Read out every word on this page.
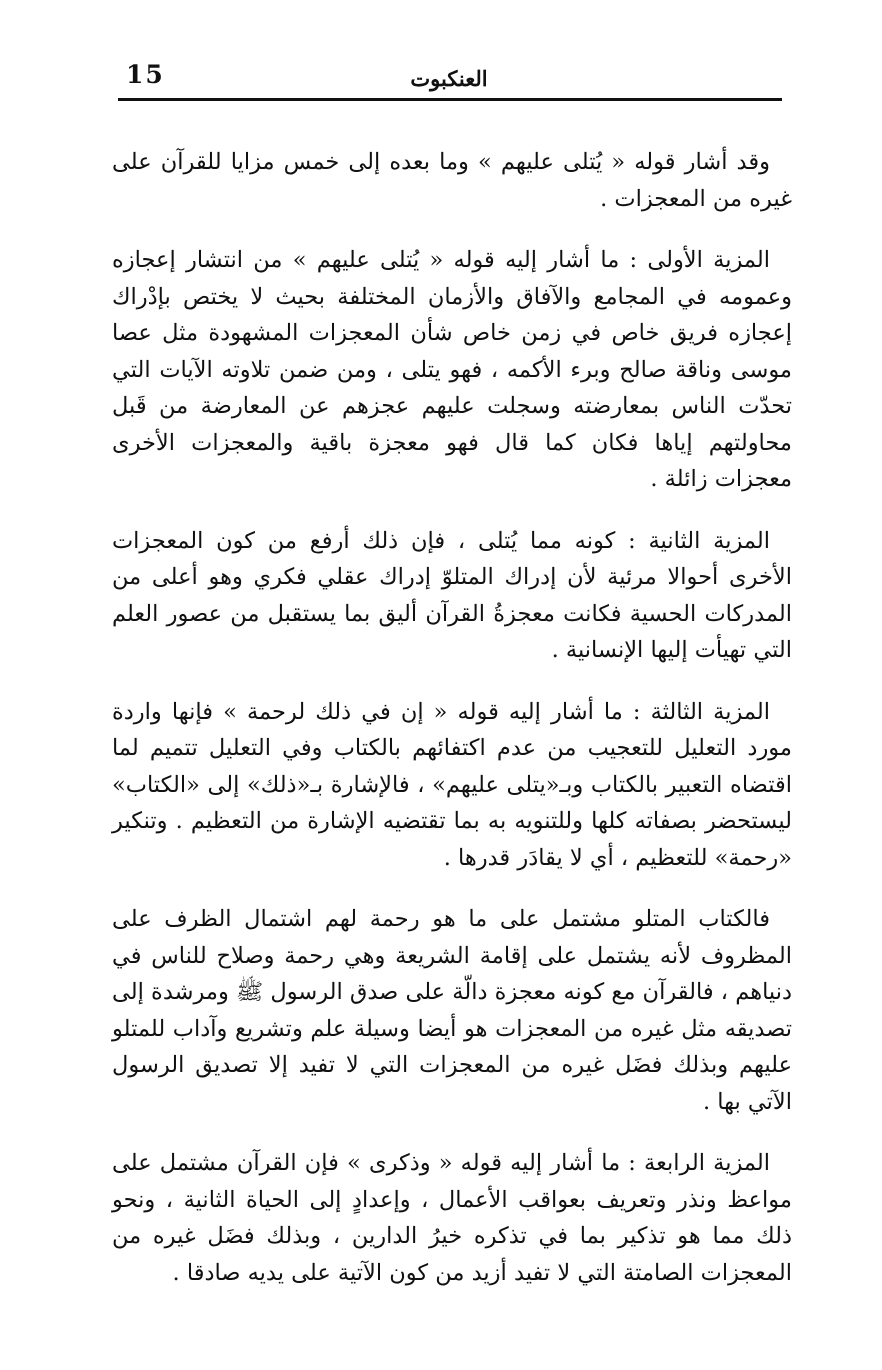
15	العنكبوت

وقد أشار قوله « يُتلى عليهم » وما بعده إلى خمس مزايا للقرآن على غيره من المعجزات .

المزية الأولى : ما أشار إليه قوله « يُتلى عليهم » من انتشار إعجازه وعمومه في المجامع والآفاق والأزمان المختلفة بحيث لا يختص بإدْراك إعجازه فريق خاص في زمن خاص شأن المعجزات المشهودة مثل عصا موسى وناقة صالح وبرء الأكمه ، فهو يتلى ، ومن ضمن تلاوته الآيات التي تحدّت الناس بمعارضته وسجلت عليهم عجزهم عن المعارضة من قَبل محاولتهم إياها فكان كما قال فهو معجزة باقية والمعجزات الأخرى معجزات زائلة .

المزية الثانية : كونه مما يُتلى ، فإن ذلك أرفع من كون المعجزات الأخرى أحوالا مرئية لأن إدراك المتلوّ إدراك عقلي فكري وهو أعلى من المدركات الحسية فكانت معجزةُ القرآن أليق بما يستقبل من عصور العلم التي تهيأت إليها الإنسانية .

المزية الثالثة : ما أشار إليه قوله « إن في ذلك لرحمة » فإنها واردة مورد التعليل للتعجيب من عدم اكتفائهم بالكتاب وفي التعليل تتميم لما اقتضاه التعبير بالكتاب وبـ«يتلى عليهم» ، فالإشارة بـ«ذلك» إلى «الكتاب» ليستحضر بصفاته كلها وللتنويه به بما تقتضيه الإشارة من التعظيم . وتنكير «رحمة» للتعظيم ، أي لا يقادَر قدرها .

فالكتاب المتلو مشتمل على ما هو رحمة لهم اشتمال الظرف على المظروف لأنه يشتمل على إقامة الشريعة وهي رحمة وصلاح للناس في دنياهم ، فالقرآن مع كونه معجزة دالّة على صدق الرسول ﷺ ومرشدة إلى تصديقه مثل غيره من المعجزات هو أيضا وسيلة علم وتشريع وآداب للمتلو عليهم وبذلك فضَل غيره من المعجزات التي لا تفيد إلا تصديق الرسول الآتي بها .

المزية الرابعة : ما أشار إليه قوله « وذكرى » فإن القرآن مشتمل على مواعظ ونذر وتعريف بعواقب الأعمال ، وإعدادٍ إلى الحياة الثانية ، ونحو ذلك مما هو تذكير بما في تذكره خيرُ الدارين ، وبذلك فضَل غيره من المعجزات الصامتة التي لا تفيد أزيد من كون الآتية على يديه صادقا .
